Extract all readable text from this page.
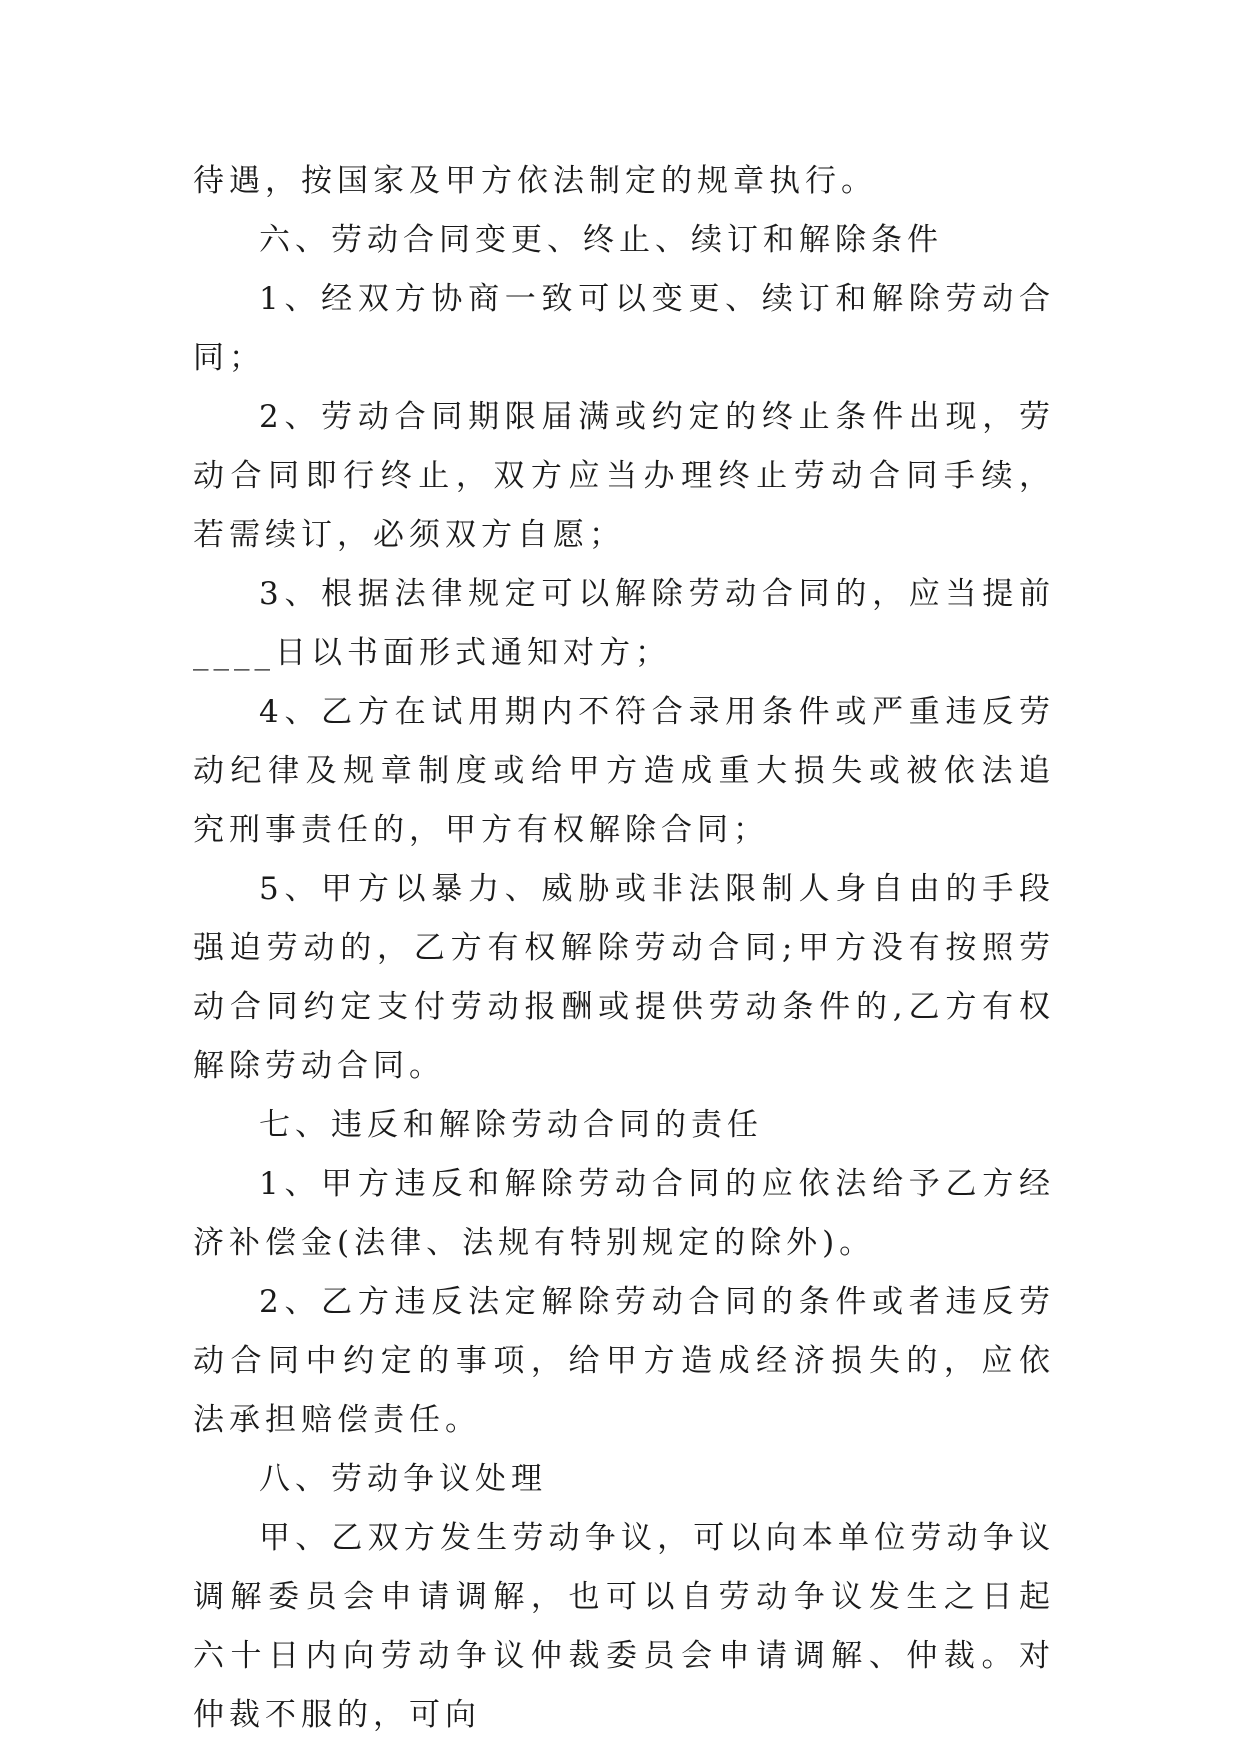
待遇，按国家及甲方依法制定的规章执行。

六、劳动合同变更、终止、续订和解除条件

1、经双方协商一致可以变更、续订和解除劳动合同；

2、劳动合同期限届满或约定的终止条件出现，劳动合同即行终止，双方应当办理终止劳动合同手续，若需续订，必须双方自愿；

3、根据法律规定可以解除劳动合同的，应当提前____日以书面形式通知对方；

4、乙方在试用期内不符合录用条件或严重违反劳动纪律及规章制度或给甲方造成重大损失或被依法追究刑事责任的，甲方有权解除合同；

5、甲方以暴力、威胁或非法限制人身自由的手段强迫劳动的，乙方有权解除劳动合同;甲方没有按照劳动合同约定支付劳动报酬或提供劳动条件的,乙方有权解除劳动合同。

七、违反和解除劳动合同的责任

1、甲方违反和解除劳动合同的应依法给予乙方经济补偿金(法律、法规有特别规定的除外)。

2、乙方违反法定解除劳动合同的条件或者违反劳动合同中约定的事项，给甲方造成经济损失的，应依法承担赔偿责任。

八、劳动争议处理

甲、乙双方发生劳动争议，可以向本单位劳动争议调解委员会申请调解，也可以自劳动争议发生之日起六十日内向劳动争议仲裁委员会申请调解、仲裁。对仲裁不服的，可向
